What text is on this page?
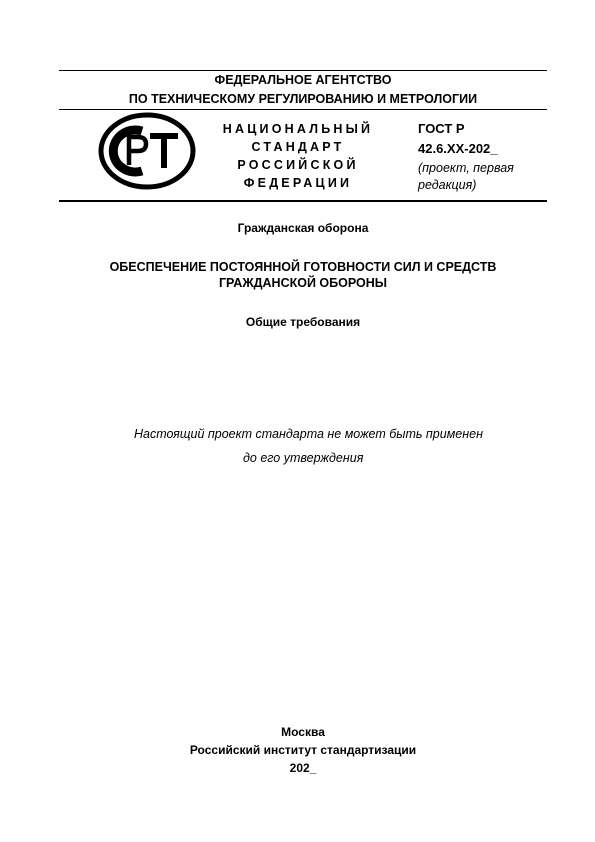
ФЕДЕРАЛЬНОЕ АГЕНТСТВО
ПО ТЕХНИЧЕСКОМУ РЕГУЛИРОВАНИЮ И МЕТРОЛОГИИ
НАЦИОНАЛЬНЫЙ
СТАНДАРТ
РОССИЙСКОЙ
ФЕДЕРАЦИИ
ГОСТ Р
42.6.ХХ-202_
(проект, первая
редакция)
Гражданская оборона
ОБЕСПЕЧЕНИЕ ПОСТОЯННОЙ ГОТОВНОСТИ СИЛ И СРЕДСТВ
ГРАЖДАНСКОЙ ОБОРОНЫ
Общие требования
Настоящий проект стандарта не может быть применен
до его утверждения
Москва
Российский институт стандартизации
202_
